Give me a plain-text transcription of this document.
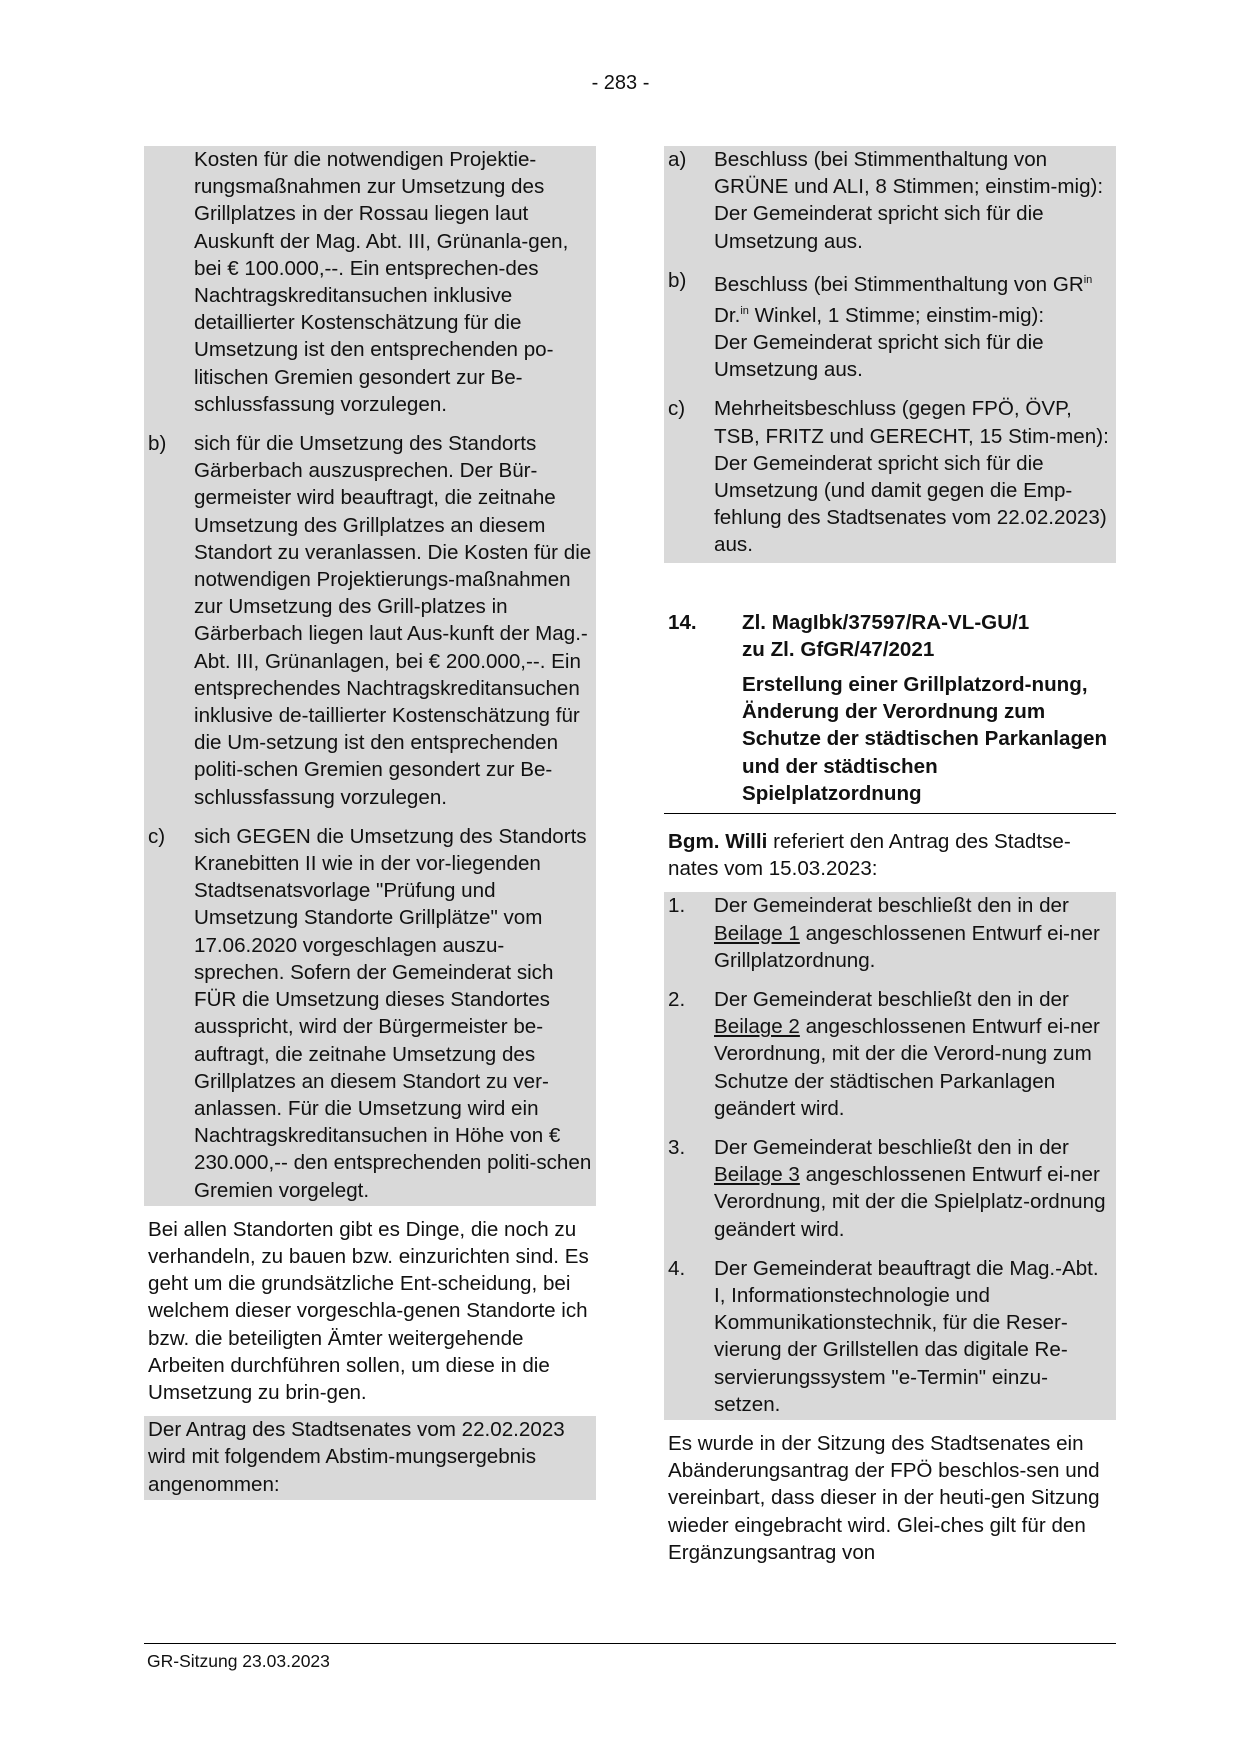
- 283 -
Kosten für die notwendigen Projektie-rungsmaßnahmen zur Umsetzung des Grillplatzes in der Rossau liegen laut Auskunft der Mag. Abt. III, Grünanla-gen, bei € 100.000,--. Ein entsprechen-des Nachtragskreditansuchen inklusive detaillierter Kostenschätzung für die Umsetzung ist den entsprechenden po-litischen Gremien gesondert zur Be-schlussfassung vorzulegen.
b)	sich für die Umsetzung des Standorts Gärberbach auszusprechen. Der Bür-germeister wird beauftragt, die zeitnahe Umsetzung des Grillplatzes an diesem Standort zu veranlassen. Die Kosten für die notwendigen Projektierungs-maßnahmen zur Umsetzung des Grill-platzes in Gärberbach liegen laut Aus-kunft der Mag.-Abt. III, Grünanlagen, bei € 200.000,--. Ein entsprechendes Nachtragskreditansuchen inklusive de-taillierter Kostenschätzung für die Um-setzung ist den entsprechenden politi-schen Gremien gesondert zur Be-schlussfassung vorzulegen.
c)	sich GEGEN die Umsetzung des Standorts Kranebitten II wie in der vor-liegenden Stadtsenatsvorlage "Prüfung und Umsetzung Standorte Grillplätze" vom 17.06.2020 vorgeschlagen auszu-sprechen. Sofern der Gemeinderat sich FÜR die Umsetzung dieses Standortes ausspricht, wird der Bürgermeister be-auftragt, die zeitnahe Umsetzung des Grillplatzes an diesem Standort zu ver-anlassen. Für die Umsetzung wird ein Nachtragskreditansuchen in Höhe von € 230.000,-- den entsprechenden politi-schen Gremien vorgelegt.
Bei allen Standorten gibt es Dinge, die noch zu verhandeln, zu bauen bzw. einzurichten sind. Es geht um die grundsätzliche Ent-scheidung, bei welchem dieser vorgeschla-genen Standorte ich bzw. die beteiligten Ämter weitergehende Arbeiten durchführen sollen, um diese in die Umsetzung zu brin-gen.
Der Antrag des Stadtsenates vom 22.02.2023 wird mit folgendem Abstim-mungsergebnis angenommen:
a)	Beschluss (bei Stimmenthaltung von GRÜNE und ALI, 8 Stimmen; einstim-mig):
Der Gemeinderat spricht sich für die Umsetzung aus.
b)	Beschluss (bei Stimmenthaltung von $GR^{in}$ Dr.$^{in}$ Winkel, 1 Stimme; einstim-mig):
Der Gemeinderat spricht sich für die Umsetzung aus.
c)	Mehrheitsbeschluss (gegen FPÖ, ÖVP, TSB, FRITZ und GERECHT, 15 Stim-men):
Der Gemeinderat spricht sich für die Umsetzung (und damit gegen die Emp-fehlung des Stadtsenates vom 22.02.2023) aus.
14.	Zl. MagIbk/37597/RA-VL-GU/1
zu Zl. GfGR/47/2021
Erstellung einer Grillplatzord-nung, Änderung der Verordnung zum Schutze der städtischen Parkanlagen und der städtischen Spielplatzordnung
Bgm. Willi referiert den Antrag des Stadtse-nates vom 15.03.2023:
1.	Der Gemeinderat beschließt den in der Beilage 1 angeschlossenen Entwurf ei-ner Grillplatzordnung.
2.	Der Gemeinderat beschließt den in der Beilage 2 angeschlossenen Entwurf ei-ner Verordnung, mit der die Verord-nung zum Schutze der städtischen Parkanlagen geändert wird.
3.	Der Gemeinderat beschließt den in der Beilage 3 angeschlossenen Entwurf ei-ner Verordnung, mit der die Spielplatz-ordnung geändert wird.
4.	Der Gemeinderat beauftragt die Mag.-Abt. I, Informationstechnologie und Kommunikationstechnik, für die Reser-vierung der Grillstellen das digitale Re-servierungssystem "e-Termin" einzu-setzen.
Es wurde in der Sitzung des Stadtsenates ein Abänderungsantrag der FPÖ beschlos-sen und vereinbart, dass dieser in der heuti-gen Sitzung wieder eingebracht wird. Glei-ches gilt für den Ergänzungsantrag von
GR-Sitzung 23.03.2023
